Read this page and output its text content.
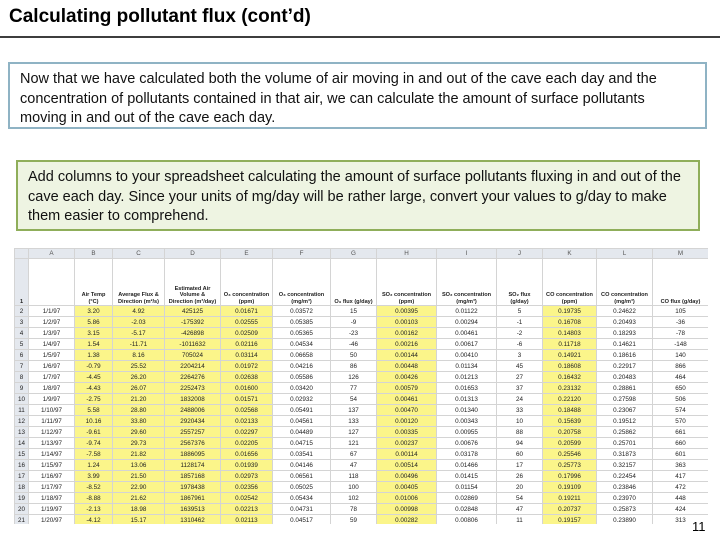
Calculating pollutant flux (cont’d)
Now that we have calculated both the volume of air moving in and out of the cave each day and the concentration of pollutants contained in that air, we can calculate the amount of surface pollutants moving in and out of the cave each day.
Add columns to your spreadsheet calculating the amount of surface pollutants fluxing in and out of the cave each day. Since your units of mg/day will be rather large, convert your values to g/day to make them easier to comprehend.
	A	B	C	D	E	F	G	H	I	J	K	L	M
1		Air Temp (°C)	Average Flux & Direction (m²/s)	Estimated Air Volume & Direction (m³/day)	O₃ concentration (ppm)	O₃ concentration (mg/m³)	O₃ flux (g/day)	SO₂ concentration (ppm)	SO₂ concentration (mg/m³)	SO₂ flux (g/day)	CO concentration (ppm)	CO concentration (mg/m³)	CO flux (g/day)
2	1/1/97	3.20	4.92	425125	0.01671	0.03572	15	0.00395	0.01122	5	0.19735	0.24622	105
3	1/2/97	5.86	-2.03	-175392	0.02555	0.05385	-9	0.00103	0.00294	-1	0.16708	0.20493	-36
4	1/3/97	3.15	-5.17	-426898	0.02509	0.05365	-23	0.00162	0.00461	-2	0.14803	0.18293	-78
5	1/4/97	1.54	-11.71	-1011632	0.02116	0.04534	-46	0.00216	0.00617	-6	0.11718	0.14621	-148
6	1/5/97	1.38	8.16	705024	0.03114	0.06658	50	0.00144	0.00410	3	0.14921	0.18616	140
7	1/6/97	-0.79	25.52	2204214	0.01972	0.04216	86	0.00448	0.01134	45	0.18608	0.22917	866
8	1/7/97	-4.45	26.20	2264276	0.02638	0.05586	126	0.00426	0.01213	27	0.16432	0.20483	464
9	1/8/97	-4.43	26.07	2252473	0.01600	0.03420	77	0.00579	0.01653	37	0.23132	0.28861	650
10	1/9/97	-2.75	21.20	1832008	0.01571	0.02932	54	0.00461	0.01313	24	0.22120	0.27598	506
11	1/10/97	5.58	28.80	2488006	0.02568	0.05491	137	0.00470	0.01340	33	0.18488	0.23067	574
12	1/11/97	10.16	33.80	2920434	0.02133	0.04561	133	0.00120	0.00343	10	0.15639	0.19512	570
13	1/12/97	-9.61	29.60	2557257	0.02297	0.04489	127	0.00335	0.00955	88	0.20758	0.25862	661
14	1/13/97	-9.74	29.73	2567376	0.02205	0.04715	121	0.00237	0.00676	94	0.20599	0.25701	660
15	1/14/97	-7.58	21.82	1886095	0.01656	0.03541	67	0.00114	0.03178	60	0.25546	0.31873	601
16	1/15/97	1.24	13.06	1128174	0.01939	0.04146	47	0.00514	0.01466	17	0.25773	0.32157	363
17	1/16/97	3.99	21.50	1857168	0.02973	0.06561	118	0.00496	0.01415	26	0.17996	0.22454	417
18	1/17/97	-8.52	22.90	1978438	0.02356	0.05025	100	0.00405	0.01154	20	0.19109	0.23846	472
19	1/18/97	-8.88	21.62	1867961	0.02542	0.05434	102	0.01006	0.02869	54	0.19211	0.23970	448
20	1/19/97	-2.13	18.98	1639513	0.02213	0.04731	78	0.00998	0.02848	47	0.20737	0.25873	424
21	1/20/97	-4.12	15.17	1310462	0.02113	0.04517	59	0.00282	0.00806	11	0.19157	0.23890	313 11
